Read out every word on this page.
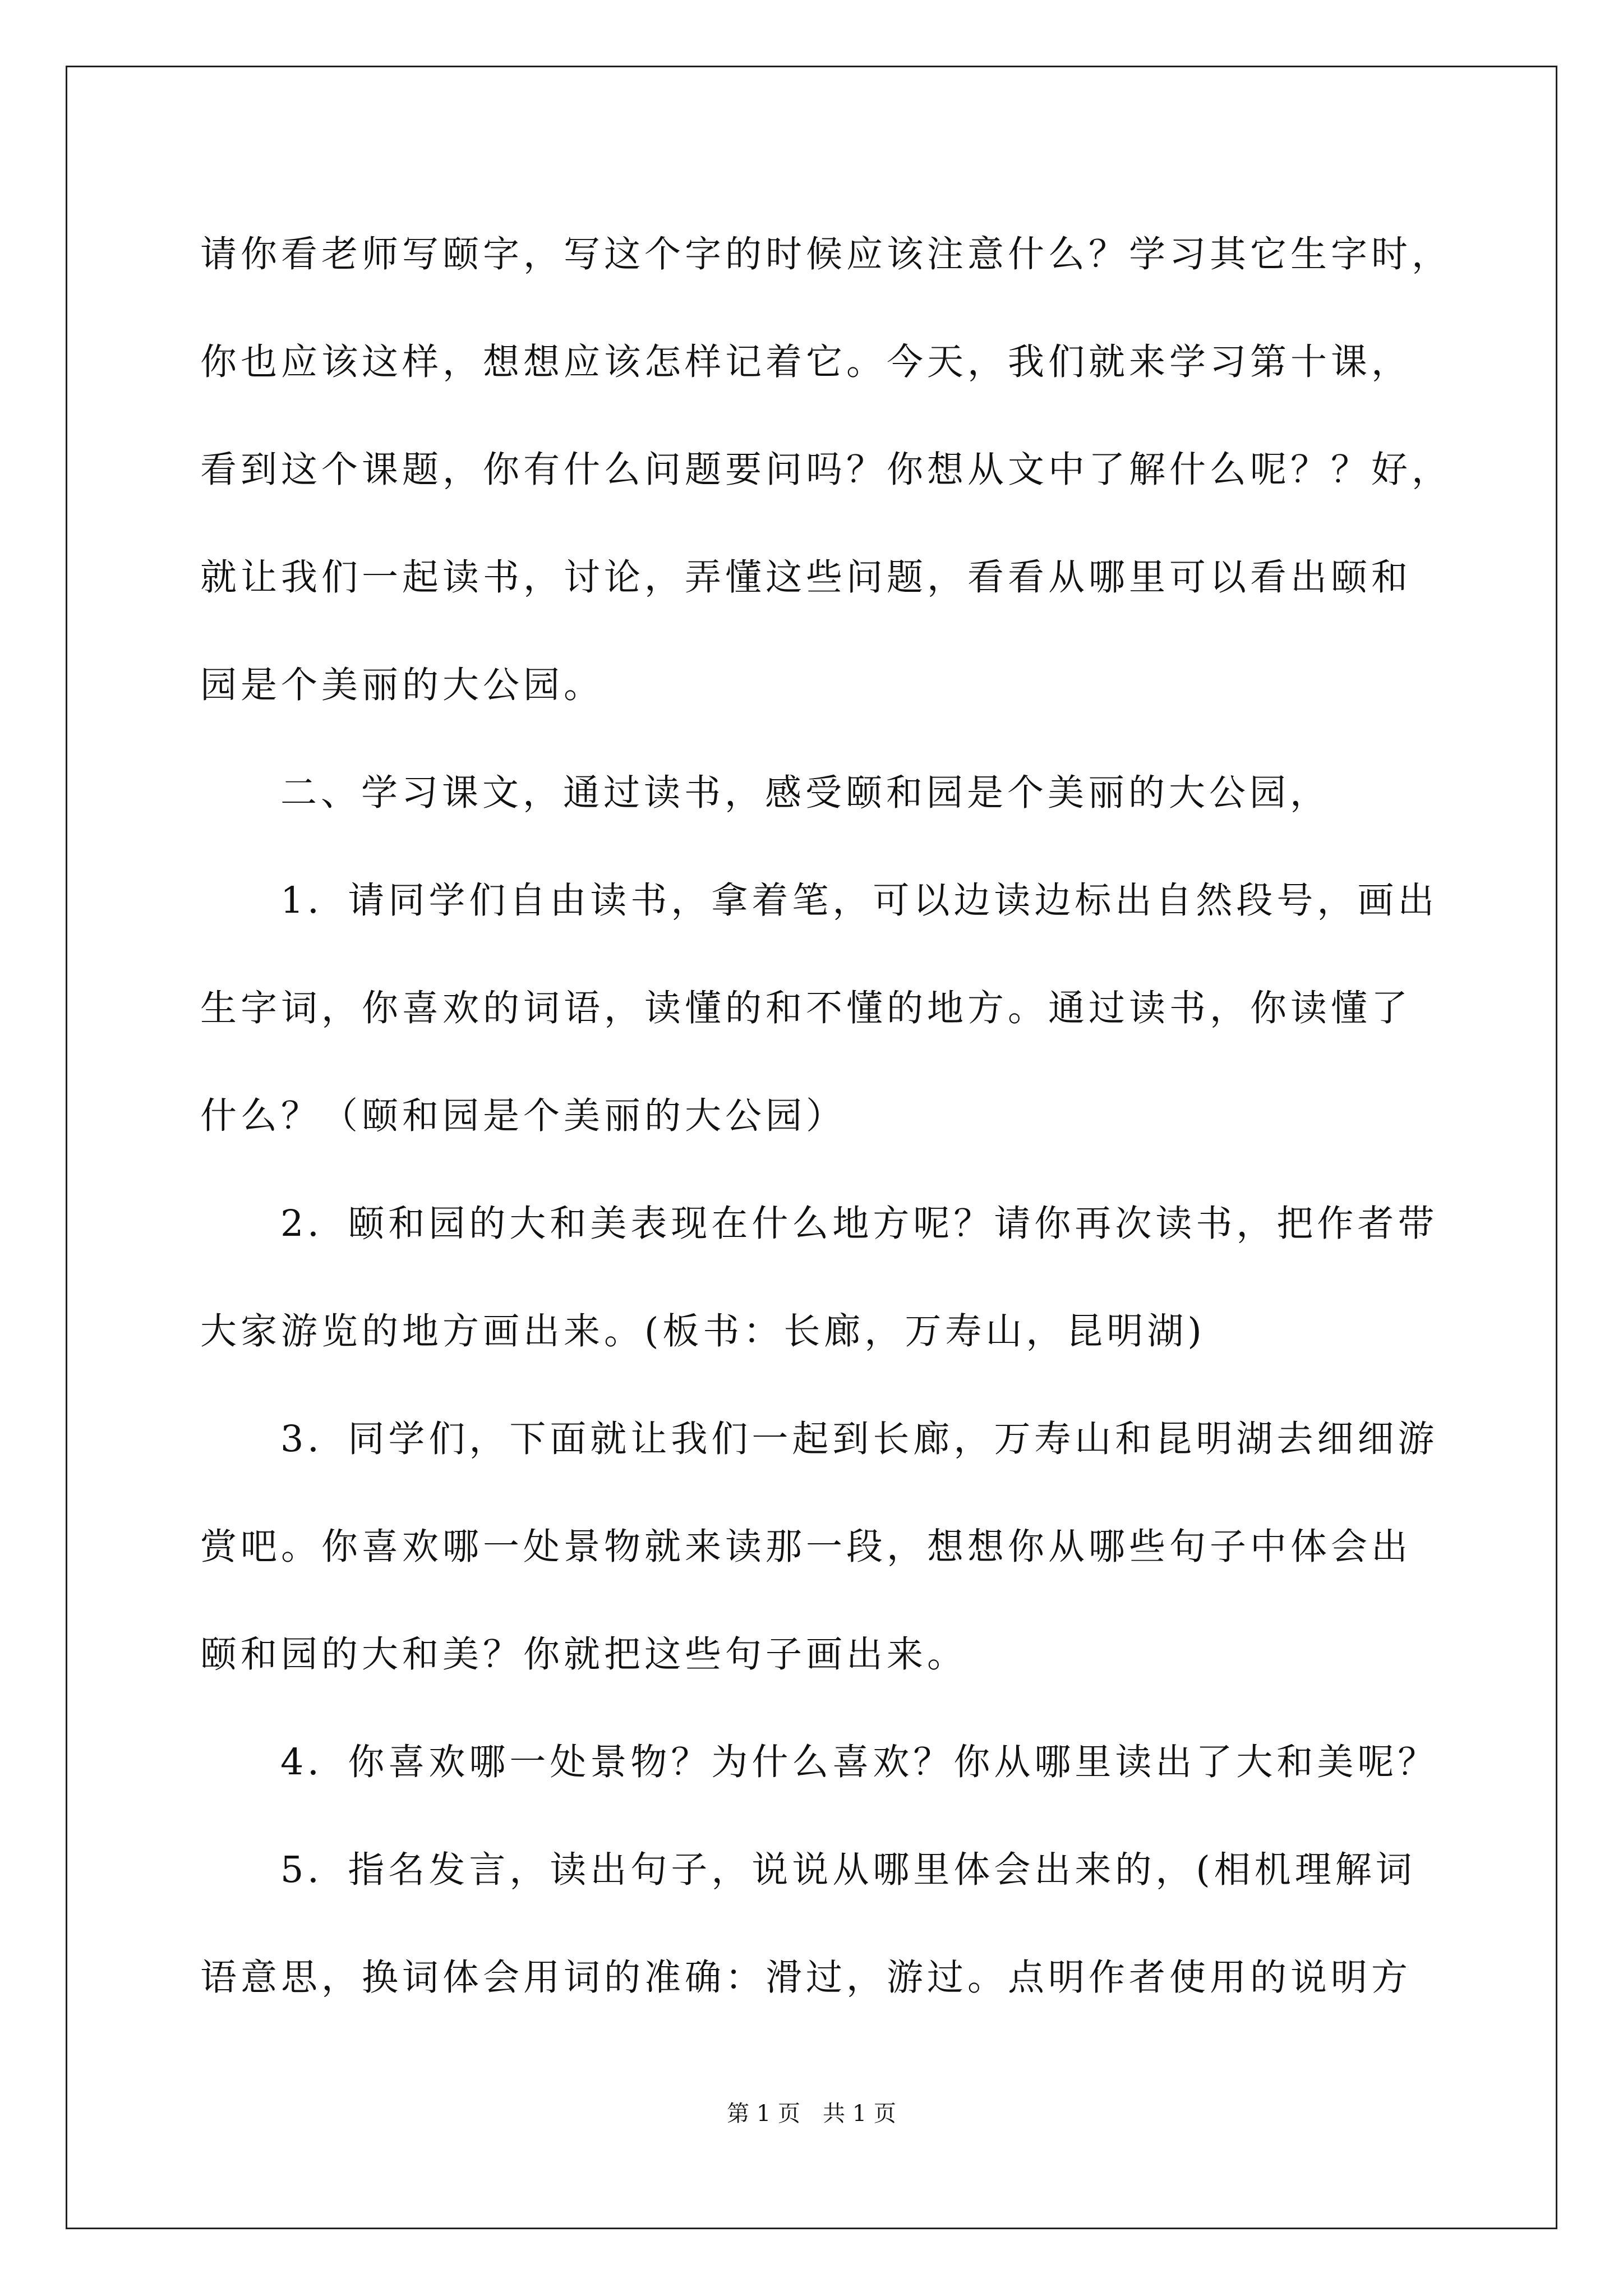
请你看老师写颐字，写这个字的时候应该注意什么？学习其它生字时，
你也应该这样，想想应该怎样记着它。今天，我们就来学习第十课，
看到这个课题，你有什么问题要问吗？你想从文中了解什么呢？？好，
就让我们一起读书，讨论，弄懂这些问题，看看从哪里可以看出颐和
园是个美丽的大公园。
二、学习课文，通过读书，感受颐和园是个美丽的大公园，
1．请同学们自由读书，拿着笔，可以边读边标出自然段号，画出
生字词，你喜欢的词语，读懂的和不懂的地方。通过读书，你读懂了
什么？（颐和园是个美丽的大公园）
2．颐和园的大和美表现在什么地方呢？请你再次读书，把作者带
大家游览的地方画出来。(板书：长廊，万寿山，昆明湖)
3．同学们，下面就让我们一起到长廊，万寿山和昆明湖去细细游
赏吧。你喜欢哪一处景物就来读那一段，想想你从哪些句子中体会出
颐和园的大和美？你就把这些句子画出来。
4．你喜欢哪一处景物？为什么喜欢？你从哪里读出了大和美呢？
5．指名发言，读出句子，说说从哪里体会出来的，(相机理解词
语意思，换词体会用词的准确：滑过，游过。点明作者使用的说明方
第 1 页　共 1 页
